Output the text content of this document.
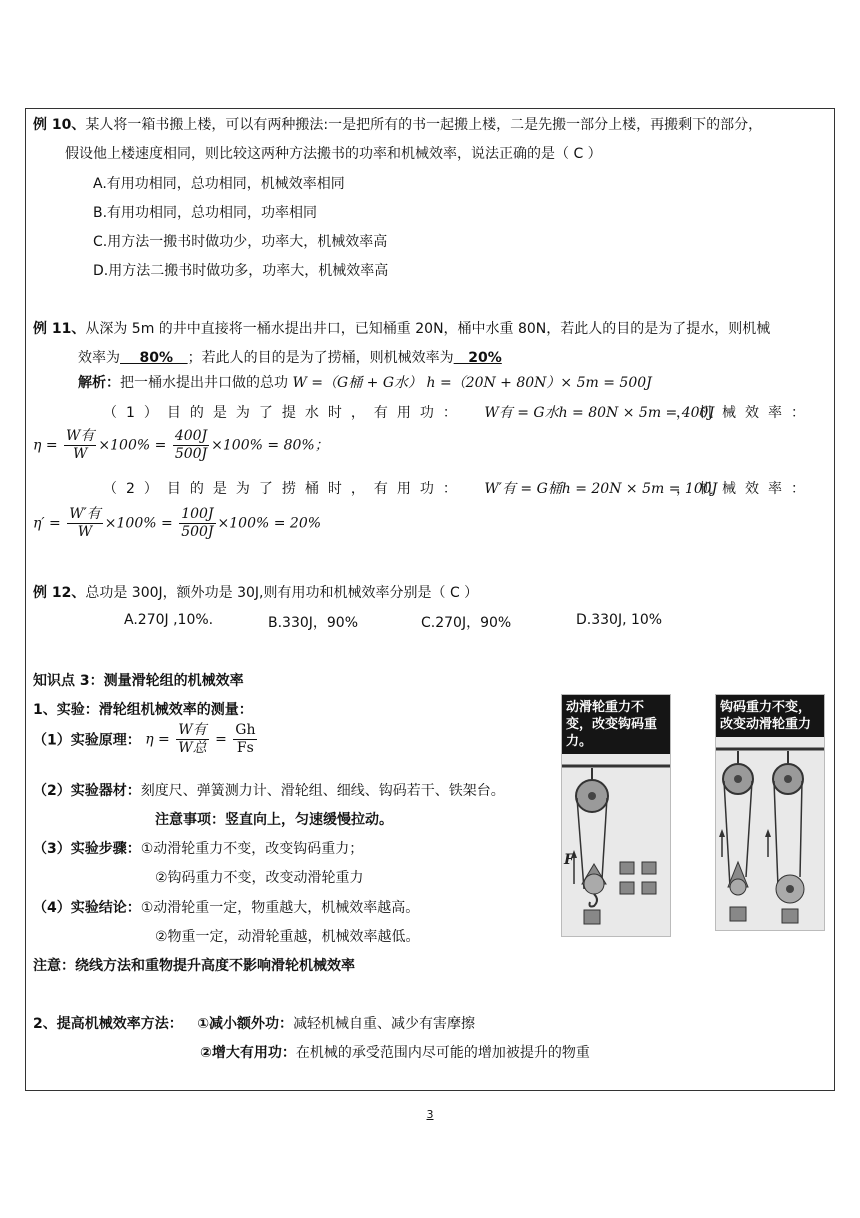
例 10、某人将一箱书搬上楼，可以有两种搬法:一是把所有的书一起搬上楼，二是先搬一部分上楼，再搬剩下的部分，
假设他上楼速度相同，则比较这两种方法搬书的功率和机械效率，说法正确的是（ C ）
A.有用功相同，总功相同，机械效率相同
B.有用功相同，总功相同，功率相同
C.用方法一搬书时做功少，功率大，机械效率高
D.用方法二搬书时做功多，功率大，机械效率高
例 11、从深为 5m 的井中直接将一桶水提出井口，已知桶重 20N，桶中水重 80N，若此人的目的是为了提水，则机械
效率为    80%   ；若此人的目的是为了捞桶，则机械效率为   20%
解析：把一桶水提出井口做的总功 W =（G桶 + G水） h =（20N + 80N）× 5m = 500J
（1）目的是为了提水时，有用功： W有 = G水h = 80N × 5m = 400J
，机械效率：
$\eta = \frac{\text{W有}}{W} \times 100\% = \frac{400J}{500J} \times 100\% = 80\%$；
（2）目的是为了捞桶时，有用功： W′有 = G桶h = 20N × 5m = 100J
，机械效率：
$\eta' = \frac{\text{W′有}}{W} \times 100\% = \frac{100J}{500J} \times 100\% = 20\%$
例 12、总功是 300J，额外功是 30J,则有用功和机械效率分别是（ C ）
A.270J ,10%.	B.330J，90%	C.270J，90%	D.330J, 10%
知识点 3：测量滑轮组的机械效率
1、实验：滑轮组机械效率的测量：
（1）实验原理： $\eta = \frac{\text{W有}}{\text{W总}} = \frac{Gh}{Fs}$
（2）实验器材：刻度尺、弹簧测力计、滑轮组、细线、钩码若干、铁架台。
注意事项：竖直向上，匀速缓慢拉动。
（3）实验步骤：①动滑轮重力不变，改变钩码重力；
②钩码重力不变，改变动滑轮重力
（4）实验结论：①动滑轮重一定，物重越大，机械效率越高。
②物重一定，动滑轮重越，机械效率越低。
注意：绕线方法和重物提升高度不影响滑轮机械效率
2、提高机械效率方法： ①减小额外功：减轻机械自重、减少有害摩擦
②增大有用功：在机械的承受范围内尽可能的增加被提升的物重
动滑轮重力不变，改变钩码重力。
F
钩码重力不变，改变动滑轮重力
3
